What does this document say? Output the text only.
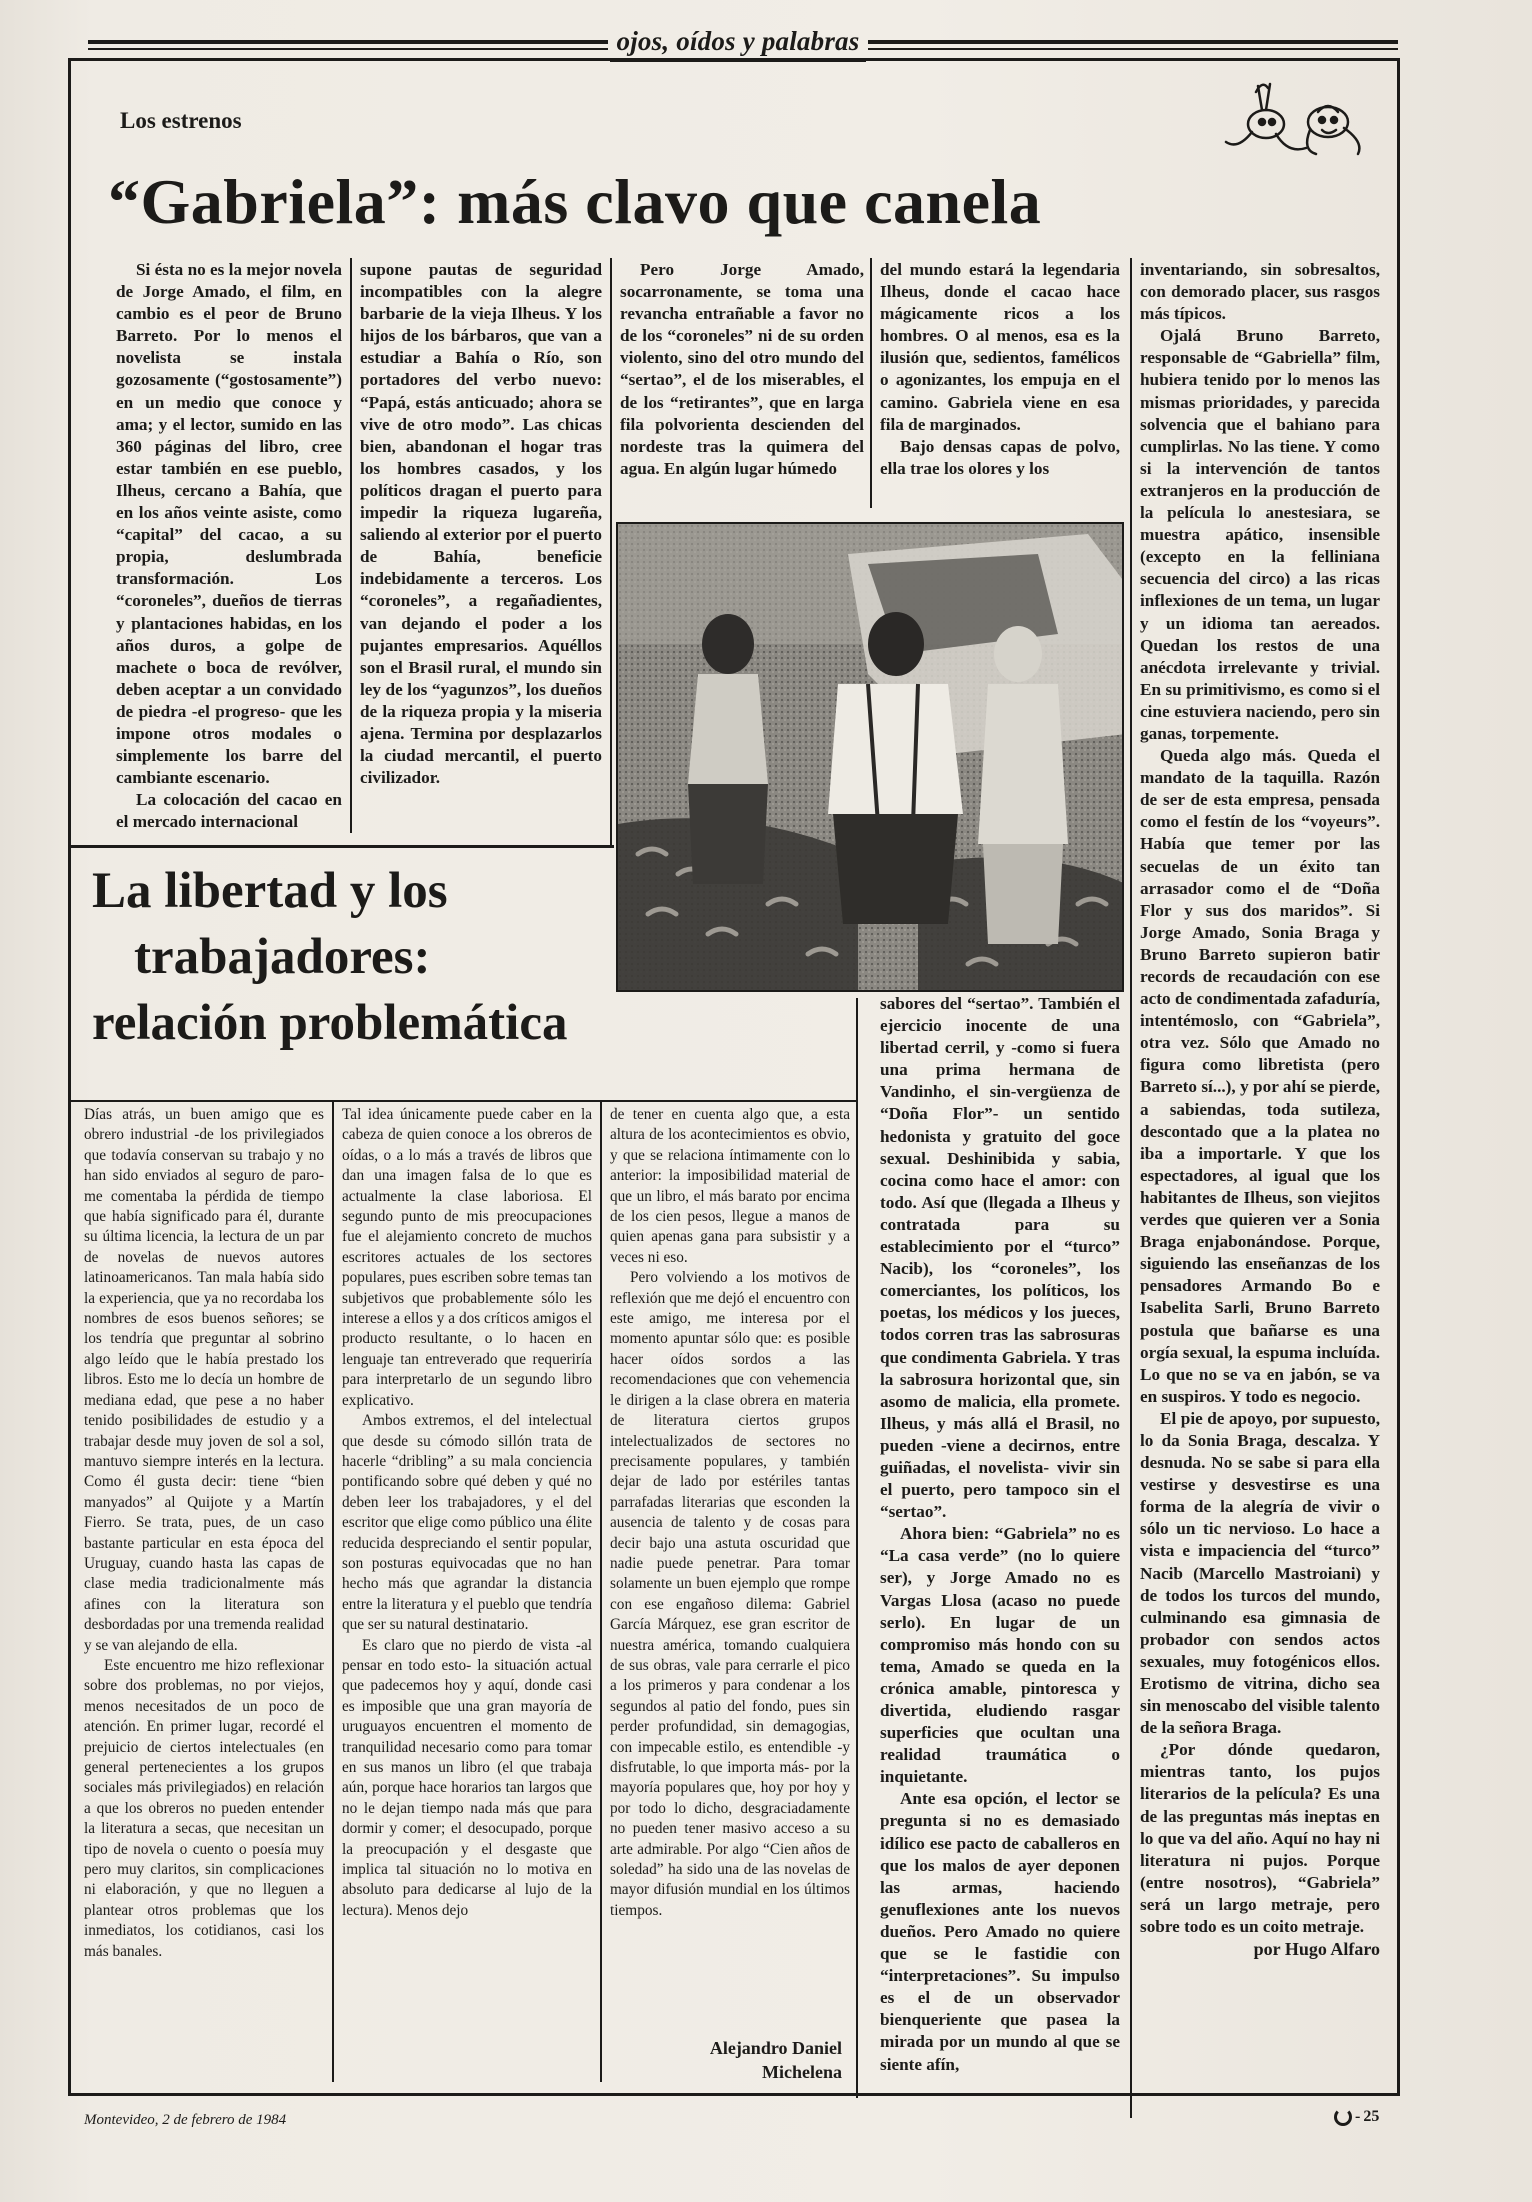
ojos, oídos y palabras
Los estrenos
“Gabriela”: más clavo que canela

Si ésta no es la mejor novela de Jorge Amado, el film, en cambio es el peor de Bruno Barreto. Por lo menos el novelista se instala gozosamente (“gostosamente”) en un medio que conoce y ama; y el lector, sumido en las 360 páginas del libro, cree estar también en ese pueblo, Ilheus, cercano a Bahía, que en los años veinte asiste, como “capital” del cacao, a su propia, deslumbrada transformación. Los “coroneles”, dueños de tierras y plantaciones habidas, en los años duros, a golpe de machete o boca de revólver, deben aceptar a un convidado de piedra -el progreso- que les impone otros modales o simplemente los barre del cambiante escenario.

La colocación del cacao en el mercado internacional

supone pautas de seguridad incompatibles con la alegre barbarie de la vieja Ilheus. Y los hijos de los bárbaros, que van a estudiar a Bahía o Río, son portadores del verbo nuevo: “Papá, estás anticuado; ahora se vive de otro modo”. Las chicas bien, abandonan el hogar tras los hombres casados, y los políticos dragan el puerto para impedir la riqueza lugareña, saliendo al exterior por el puerto de Bahía, beneficie indebidamente a terceros. Los “coroneles”, a regañadientes, van dejando el poder a los pujantes empresarios. Aquéllos son el Brasil rural, el mundo sin ley de los “yagunzos”, los dueños de la riqueza propia y la miseria ajena. Termina por desplazarlos la ciudad mercantil, el puerto civilizador.

Pero Jorge Amado, socarronamente, se toma una revancha entrañable a favor no de los “coroneles” ni de su orden violento, sino del otro mundo del “sertao”, el de los miserables, el de los “retirantes”, que en larga fila polvorienta descienden del nordeste tras la quimera del agua. En algún lugar húmedo

del mundo estará la legendaria Ilheus, donde el cacao hace mágicamente ricos a los hombres. O al menos, esa es la ilusión que, sedientos, famélicos o agonizantes, los empuja en el camino. Gabriela viene en esa fila de marginados.

Bajo densas capas de polvo, ella trae los olores y los

sabores del “sertao”. También el ejercicio inocente de una libertad cerril, y -como si fuera una prima hermana de Vandinho, el sin-vergüenza de “Doña Flor”- un sentido hedonista y gratuito del goce sexual. Deshinibida y sabia, cocina como hace el amor: con todo. Así que (llegada a Ilheus y contratada para su establecimiento por el “turco” Nacib), los “coroneles”, los comerciantes, los políticos, los poetas, los médicos y los jueces, todos corren tras las sabrosuras que condimenta Gabriela. Y tras la sabrosura horizontal que, sin asomo de malicia, ella promete. Ilheus, y más allá el Brasil, no pueden -viene a decirnos, entre guiñadas, el novelista- vivir sin el puerto, pero tampoco sin el “sertao”.

Ahora bien: “Gabriela” no es “La casa verde” (no lo quiere ser), y Jorge Amado no es Vargas Llosa (acaso no puede serlo). En lugar de un compromiso más hondo con su tema, Amado se queda en la crónica amable, pintoresca y divertida, eludiendo rasgar superficies que ocultan una realidad traumática o inquietante.

Ante esa opción, el lector se pregunta si no es demasiado idílico ese pacto de caballeros en que los malos de ayer deponen las armas, haciendo genuflexiones ante los nuevos dueños. Pero Amado no quiere que se le fastidie con “interpretaciones”. Su impulso es el de un observador bienqueriente que pasea la mirada por un mundo al que se siente afín,

inventariando, sin sobresaltos, con demorado placer, sus rasgos más típicos.

Ojalá Bruno Barreto, responsable de “Gabriella” film, hubiera tenido por lo menos las mismas prioridades, y parecida solvencia que el bahiano para cumplirlas. No las tiene. Y como si la intervención de tantos extranjeros en la producción de la película lo anestesiara, se muestra apático, insensible (excepto en la felliniana secuencia del circo) a las ricas inflexiones de un tema, un lugar y un idioma tan aereados. Quedan los restos de una anécdota irrelevante y trivial. En su primitivismo, es como si el cine estuviera naciendo, pero sin ganas, torpemente.

Queda algo más. Queda el mandato de la taquilla. Razón de ser de esta empresa, pensada como el festín de los “voyeurs”. Había que temer por las secuelas de un éxito tan arrasador como el de “Doña Flor y sus dos maridos”. Si Jorge Amado, Sonia Braga y Bruno Barreto supieron batir records de recaudación con ese acto de condimentada zafaduría, intentémoslo, con “Gabriela”, otra vez. Sólo que Amado no figura como libretista (pero Barreto sí...), y por ahí se pierde, a sabiendas, toda sutileza, descontado que a la platea no iba a importarle. Y que los espectadores, al igual que los habitantes de Ilheus, son viejitos verdes que quieren ver a Sonia Braga enjabonándose. Porque, siguiendo las enseñanzas de los pensadores Armando Bo e Isabelita Sarli, Bruno Barreto postula que bañarse es una orgía sexual, la espuma incluída. Lo que no se va en jabón, se va en suspiros. Y todo es negocio.

El pie de apoyo, por supuesto, lo da Sonia Braga, descalza. Y desnuda. No se sabe si para ella vestirse y desvestirse es una forma de la alegría de vivir o sólo un tic nervioso. Lo hace a vista e impaciencia del “turco” Nacib (Marcello Mastroiani) y de todos los turcos del mundo, culminando esa gimnasia de probador con sendos actos sexuales, muy fotogénicos ellos. Erotismo de vitrina, dicho sea sin menoscabo del visible talento de la señora Braga.

¿Por dónde quedaron, mientras tanto, los pujos literarios de la película? Es una de las preguntas más ineptas en lo que va del año. Aquí no hay ni literatura ni pujos. Porque (entre nosotros), “Gabriela” será un largo metraje, pero sobre todo es un coito metraje.

por Hugo Alfaro

La libertad y los
trabajadores:
relación problemática

Días atrás, un buen amigo que es obrero industrial -de los privilegiados que todavía conservan su trabajo y no han sido enviados al seguro de paro- me comentaba la pérdida de tiempo que había significado para él, durante su última licencia, la lectura de un par de novelas de nuevos autores latinoamericanos. Tan mala había sido la experiencia, que ya no recordaba los nombres de esos buenos señores; se los tendría que preguntar al sobrino algo leído que le había prestado los libros. Esto me lo decía un hombre de mediana edad, que pese a no haber tenido posibilidades de estudio y a trabajar desde muy joven de sol a sol, mantuvo siempre interés en la lectura. Como él gusta decir: tiene “bien manyados” al Quijote y a Martín Fierro. Se trata, pues, de un caso bastante particular en esta época del Uruguay, cuando hasta las capas de clase media tradicionalmente más afines con la literatura son desbordadas por una tremenda realidad y se van alejando de ella.

Este encuentro me hizo reflexionar sobre dos problemas, no por viejos, menos necesitados de un poco de atención. En primer lugar, recordé el prejuicio de ciertos intelectuales (en general pertenecientes a los grupos sociales más privilegiados) en relación a que los obreros no pueden entender la literatura a secas, que necesitan un tipo de novela o cuento o poesía muy pero muy claritos, sin complicaciones ni elaboración, y que no lleguen a plantear otros problemas que los inmediatos, los cotidianos, casi los más banales.

Tal idea únicamente puede caber en la cabeza de quien conoce a los obreros de oídas, o a lo más a través de libros que dan una imagen falsa de lo que es actualmente la clase laboriosa. El segundo punto de mis preocupaciones fue el alejamiento concreto de muchos escritores actuales de los sectores populares, pues escriben sobre temas tan subjetivos que probablemente sólo les interese a ellos y a dos críticos amigos el producto resultante, o lo hacen en lenguaje tan entreverado que requeriría para interpretarlo de un segundo libro explicativo.

Ambos extremos, el del intelectual que desde su cómodo sillón trata de hacerle “dribling” a su mala conciencia pontificando sobre qué deben y qué no deben leer los trabajadores, y el del escritor que elige como público una élite reducida despreciando el sentir popular, son posturas equivocadas que no han hecho más que agrandar la distancia entre la literatura y el pueblo que tendría que ser su natural destinatario.

Es claro que no pierdo de vista -al pensar en todo esto- la situación actual que padecemos hoy y aquí, donde casi es imposible que una gran mayoría de uruguayos encuentren el momento de tranquilidad necesario como para tomar en sus manos un libro (el que trabaja aún, porque hace horarios tan largos que no le dejan tiempo nada más que para dormir y comer; el desocupado, porque la preocupación y el desgaste que implica tal situación no lo motiva en absoluto para dedicarse al lujo de la lectura). Menos dejo

de tener en cuenta algo que, a esta altura de los acontecimientos es obvio, y que se relaciona íntimamente con lo anterior: la imposibilidad material de que un libro, el más barato por encima de los cien pesos, llegue a manos de quien apenas gana para subsistir y a veces ni eso.

Pero volviendo a los motivos de reflexión que me dejó el encuentro con este amigo, me interesa por el momento apuntar sólo que: es posible hacer oídos sordos a las recomendaciones que con vehemencia le dirigen a la clase obrera en materia de literatura ciertos grupos intelectualizados de sectores no precisamente populares, y también dejar de lado por estériles tantas parrafadas literarias que esconden la ausencia de talento y de cosas para decir bajo una astuta oscuridad que nadie puede penetrar. Para tomar solamente un buen ejemplo que rompe con ese engañoso dilema: Gabriel García Márquez, ese gran escritor de nuestra américa, tomando cualquiera de sus obras, vale para cerrarle el pico a los primeros y para condenar a los segundos al patio del fondo, pues sin perder profundidad, sin demagogias, con impecable estilo, es entendible -y disfrutable, lo que importa más- por la mayoría populares que, hoy por hoy y por todo lo dicho, desgraciadamente no pueden tener masivo acceso a su arte admirable. Por algo “Cien años de soledad” ha sido una de las novelas de mayor difusión mundial en los últimos tiempos.

Alejandro Daniel
Michelena
Montevideo, 2 de febrero de 1984	- 25
